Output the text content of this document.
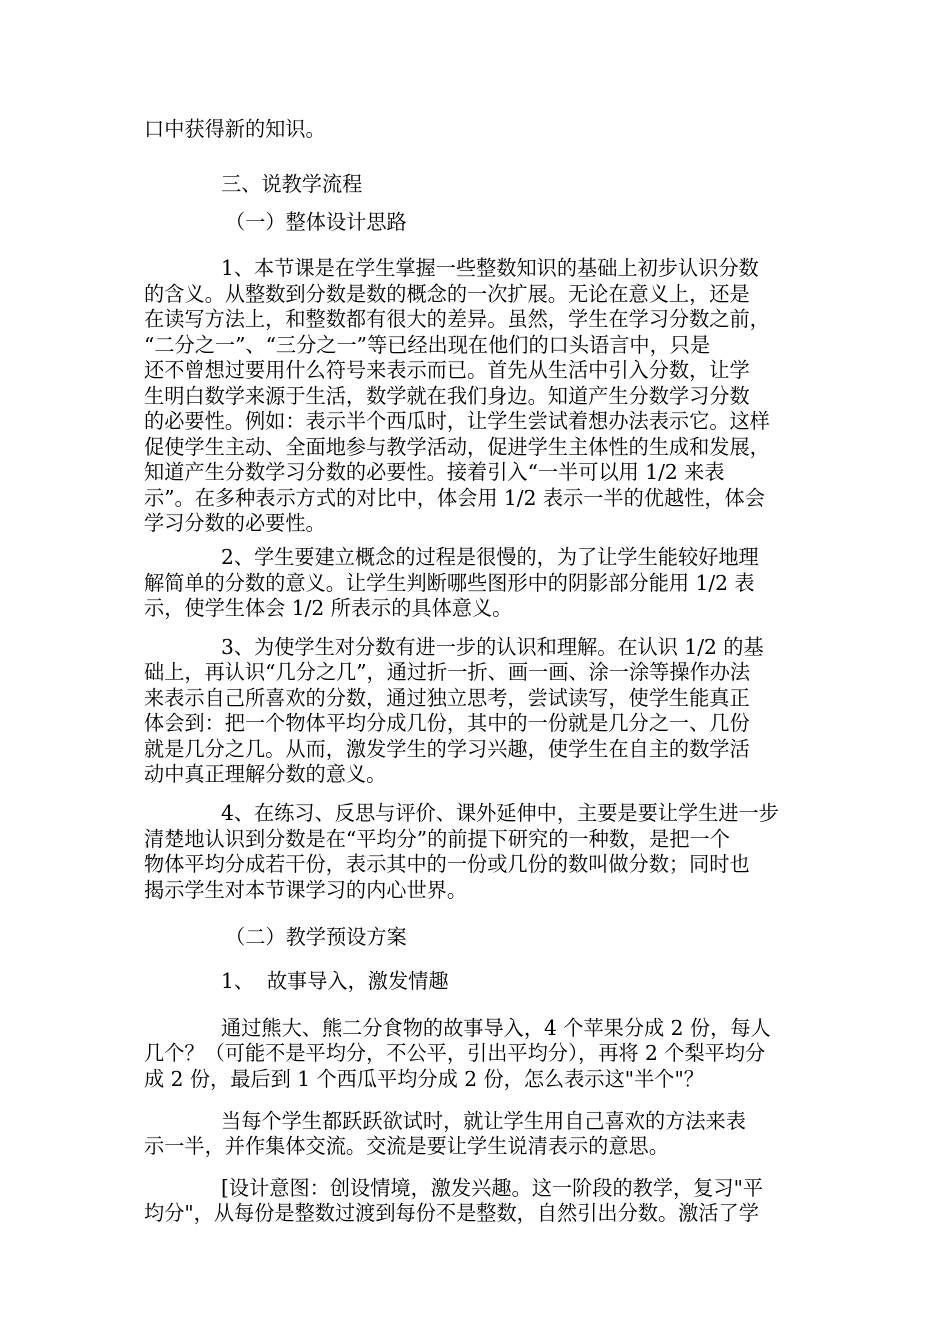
口中获得新的知识。
三、说教学流程
（一）整体设计思路
1、本节课是在学生掌握一些整数知识的基础上初步认识分数
的含义。从整数到分数是数的概念的一次扩展。无论在意义上，还是
在读写方法上，和整数都有很大的差异。虽然，学生在学习分数之前，
“二分之一”、“三分之一”等已经出现在他们的口头语言中，只是
还不曾想过要用什么符号来表示而已。首先从生活中引入分数，让学
生明白数学来源于生活，数学就在我们身边。知道产生分数学习分数
的必要性。例如：表示半个西瓜时，让学生尝试着想办法表示它。这样
促使学生主动、全面地参与教学活动，促进学生主体性的生成和发展，
知道产生分数学习分数的必要性。接着引入“一半可以用 1/2 来表
示”。在多种表示方式的对比中，体会用 1/2 表示一半的优越性，体会
学习分数的必要性。
2、学生要建立概念的过程是很慢的，为了让学生能较好地理
解简单的分数的意义。让学生判断哪些图形中的阴影部分能用 1/2 表
示，使学生体会 1/2 所表示的具体意义。
3、为使学生对分数有进一步的认识和理解。在认识 1/2 的基
础上，再认识“几分之几”，通过折一折、画一画、涂一涂等操作办法
来表示自己所喜欢的分数，通过独立思考，尝试读写，使学生能真正
体会到：把一个物体平均分成几份，其中的一份就是几分之一、几份
就是几分之几。从而，激发学生的学习兴趣，使学生在自主的数学活
动中真正理解分数的意义。
4、在练习、反思与评价、课外延伸中，主要是要让学生进一步
清楚地认识到分数是在“平均分”的前提下研究的一种数，是把一个
物体平均分成若干份，表示其中的一份或几份的数叫做分数；同时也
揭示学生对本节课学习的内心世界。
（二）教学预设方案
1、  故事导入，激发情趣
通过熊大、熊二分食物的故事导入，4 个苹果分成 2 份，每人
几个？（可能不是平均分，不公平，引出平均分），再将 2 个梨平均分
成 2 份，最后到 1 个西瓜平均分成 2 份，怎么表示这"半个"？
当每个学生都跃跃欲试时，就让学生用自己喜欢的方法来表
示一半，并作集体交流。交流是要让学生说清表示的意思。
[设计意图：创设情境，激发兴趣。这一阶段的教学，复习"平
均分"，从每份是整数过渡到每份不是整数，自然引出分数。激活了学
